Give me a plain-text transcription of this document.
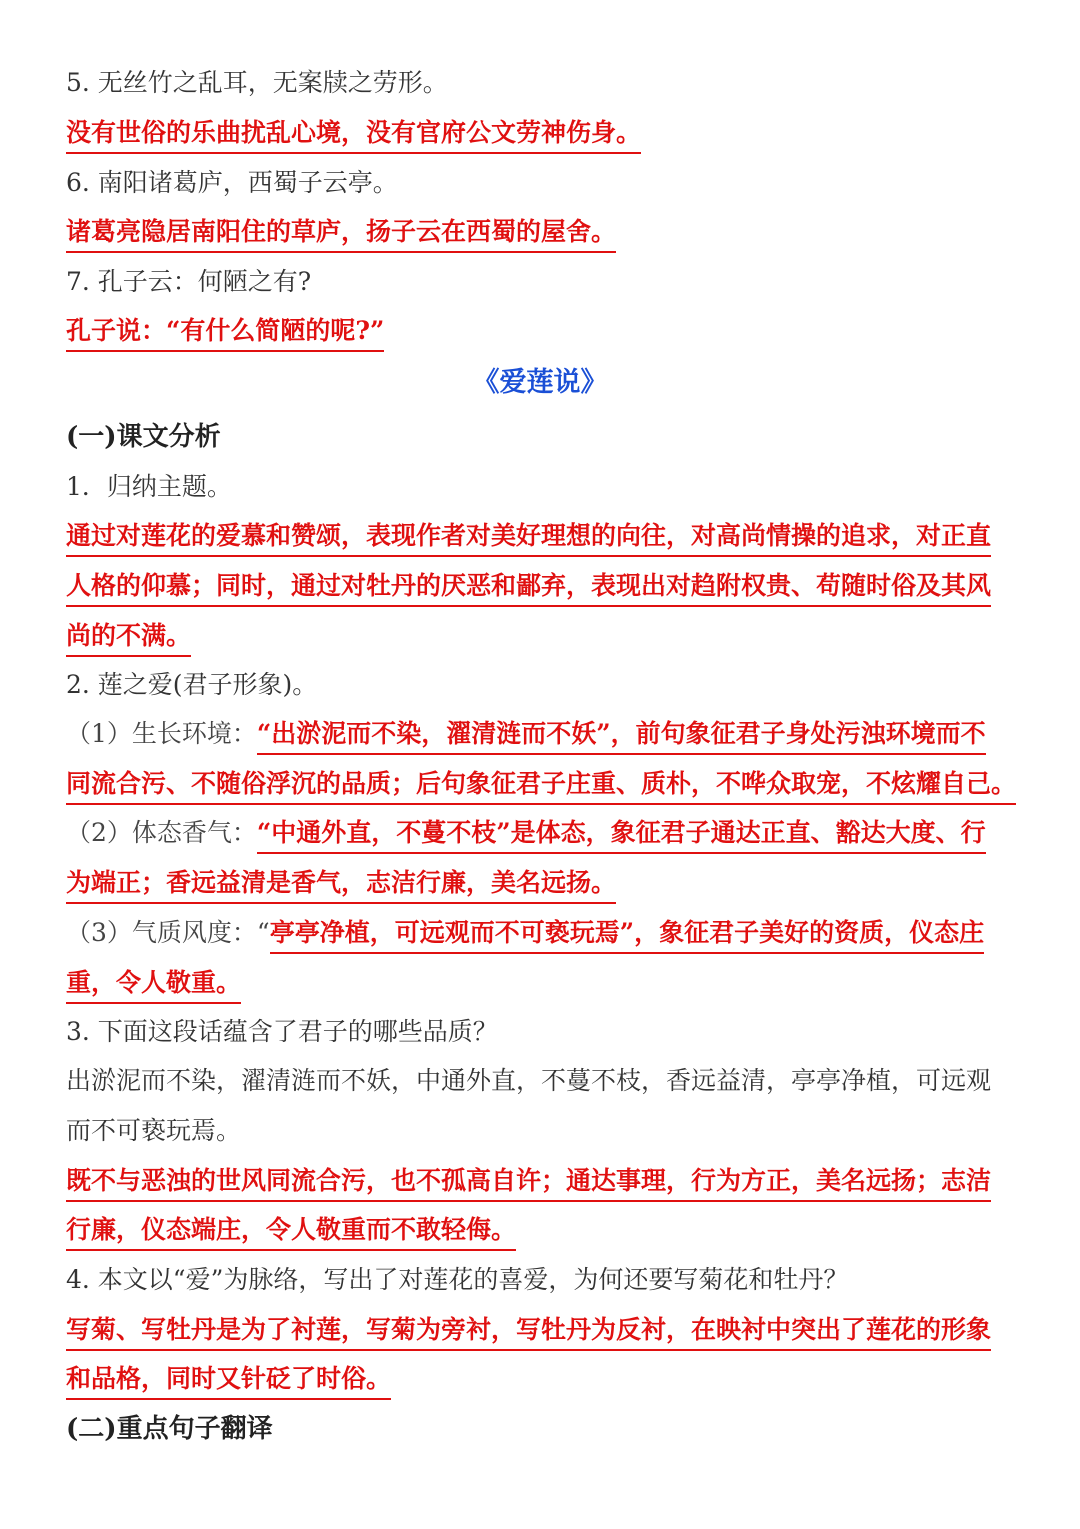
5. 无丝竹之乱耳，无案牍之劳形。
没有世俗的乐曲扰乱心境，没有官府公文劳神伤身。
6. 南阳诸葛庐，西蜀子云亭。
诸葛亮隐居南阳住的草庐，扬子云在西蜀的屋舍。
7. 孔子云：何陋之有?
孔子说：“有什么简陋的呢?”
《爱莲说》
(一)课文分析
1．归纳主题。
通过对莲花的爱慕和赞颂，表现作者对美好理想的向往，对高尚情操的追求，对正直
人格的仰慕；同时，通过对牡丹的厌恶和鄙弃，表现出对趋附权贵、苟随时俗及其风
尚的不满。
2. 莲之爱(君子形象)。
（1）生长环境：“出淤泥而不染，濯清涟而不妖”，前句象征君子身处污浊环境而不
同流合污、不随俗浮沉的品质；后句象征君子庄重、质朴，不哗众取宠，不炫耀自己。
（2）体态香气：“中通外直，不蔓不枝”是体态，象征君子通达正直、豁达大度、行
为端正；香远益清是香气，志洁行廉，美名远扬。
（3）气质风度：“亭亭净植，可远观而不可亵玩焉”，象征君子美好的资质，仪态庄
重，令人敬重。
3. 下面这段话蕴含了君子的哪些品质？
出淤泥而不染，濯清涟而不妖，中通外直，不蔓不枝，香远益清，亭亭净植，可远观
而不可亵玩焉。
既不与恶浊的世风同流合污，也不孤高自许；通达事理，行为方正，美名远扬；志洁
行廉，仪态端庄，令人敬重而不敢轻侮。
4. 本文以“爱”为脉络，写出了对莲花的喜爱，为何还要写菊花和牡丹？
写菊、写牡丹是为了衬莲，写菊为旁衬，写牡丹为反衬，在映衬中突出了莲花的形象
和品格，同时又针砭了时俗。
(二)重点句子翻译
